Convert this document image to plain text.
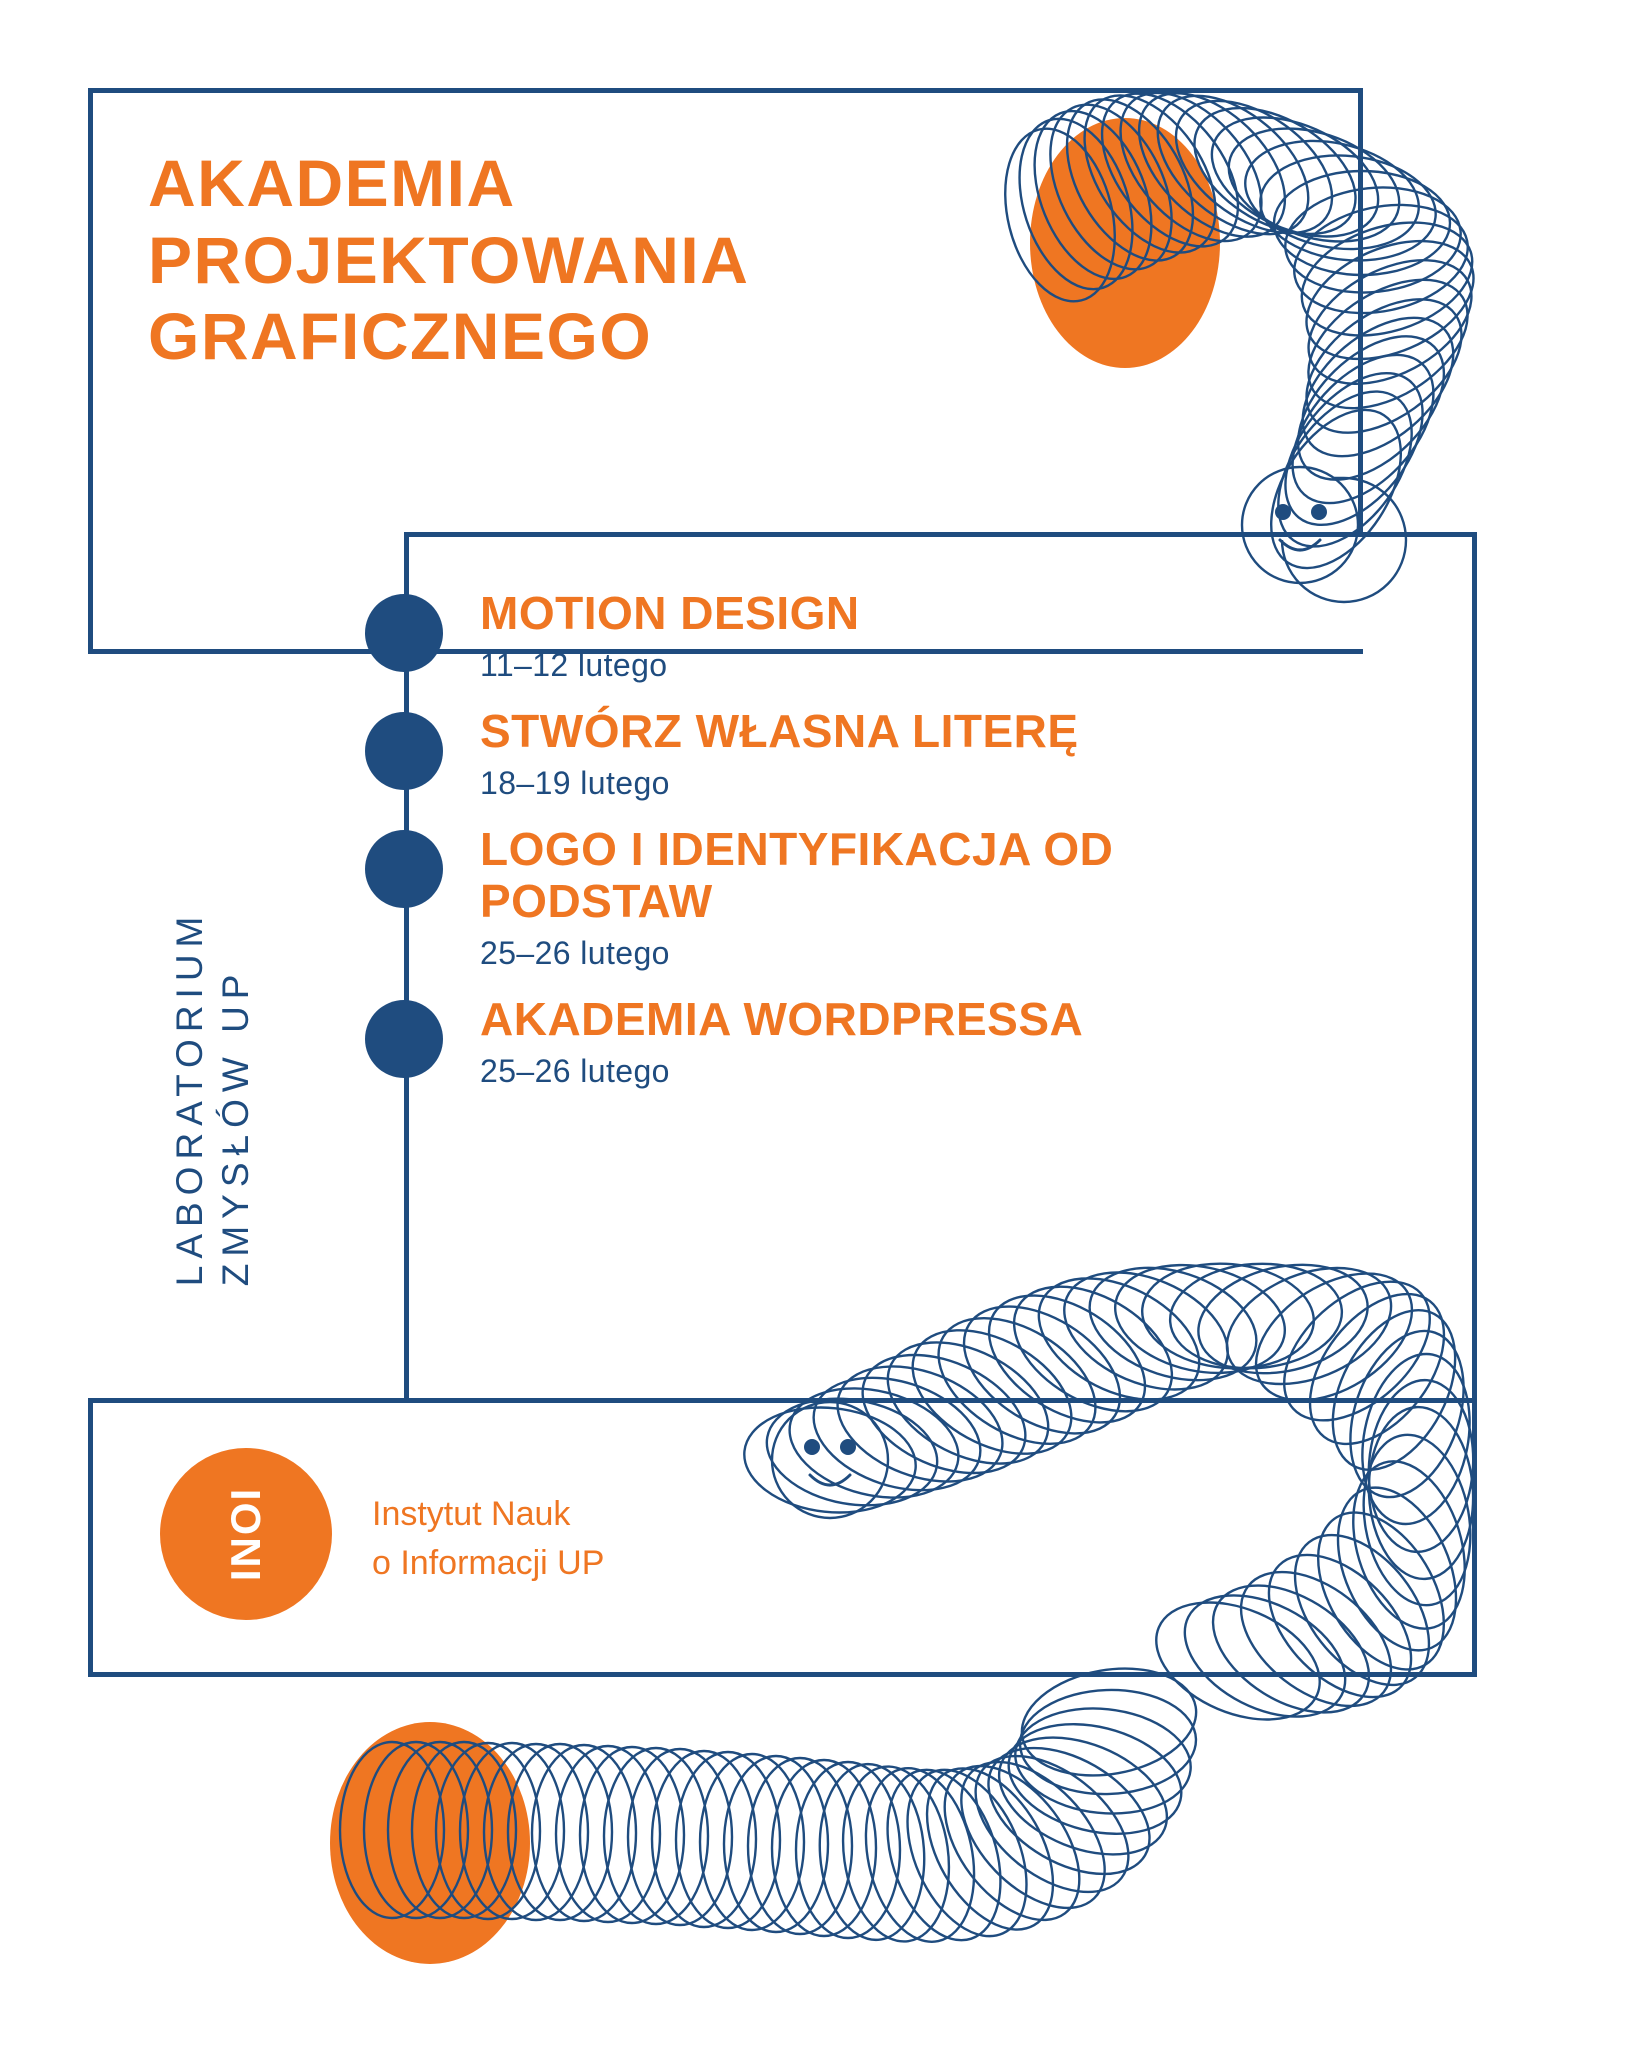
AKADEMIA
PROJEKTOWANIA
GRAFICZNEGO
LABORATORIUM ZMYSŁÓW UP
MOTION DESIGN
11–12 lutego
STWÓRZ WŁASNA LITERĘ
18–19 lutego
LOGO I IDENTYFIKACJA OD PODSTAW
25–26 lutego
AKADEMIA WORDPRESSA
25–26 lutego
INOI	Instytut Nauk
o Informacji UP
